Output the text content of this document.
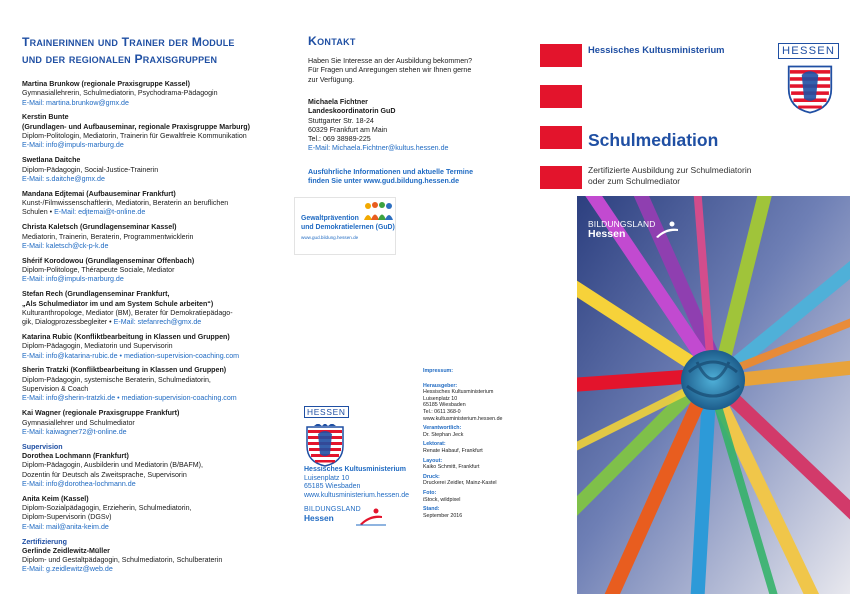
Trainerinnen und Trainer der Module
und der regionalen Praxisgruppen
Martina Brunkow (regionale Praxisgruppe Kassel)
Gymnasiallehrerin, Schulmediatorin, Psychodrama-Pädagogin
E-Mail: martina.brunkow@gmx.de
Kerstin Bunte
(Grundlagen- und Aufbauseminar, regionale Praxisgruppe Marburg)
Diplom-Politologin, Mediatorin, Trainerin für Gewaltfreie Kommunikation
E-Mail: info@impuls-marburg.de
Swetlana Daitche
Diplom-Pädagogin, Social-Justice-Trainerin
E-Mail: s.daitche@gmx.de
Mandana Edjtemai (Aufbauseminar Frankfurt)
Kunst-/Filmwissenschaftlerin, Mediatorin, Beraterin an beruflichen
Schulen • E-Mail: edjtemai@t-online.de
Christa Kaletsch (Grundlagenseminar Kassel)
Mediatorin, Trainerin, Beraterin, Programmentwicklerin
E-Mail: kaletsch@ck-p-k.de
Shérif Korodowou (Grundlagenseminar Offenbach)
Diplom-Politologe, Thérapeute Sociale, Mediator
E-Mail: info@impuls-marburg.de
Stefan Rech (Grundlagenseminar Frankfurt,
„Als Schulmediator im und am System Schule arbeiten“)
Kulturanthropologe, Mediator (BM), Berater für Demokratiepädago-
gik, Dialogprozessbegleiter • E-Mail: stefanrech@gmx.de
Katarina Rubic (Konfliktbearbeitung in Klassen und Gruppen)
Diplom-Pädagogin, Mediatorin und Supervisorin
E-Mail: info@katarina-rubic.de • mediation-supervision-coaching.com
Sherin Tratzki (Konfliktbearbeitung in Klassen und Gruppen)
Diplom-Pädagogin, systemische Beraterin, Schulmediatorin,
Supervision & Coach
E-Mail: info@sherin-tratzki.de • mediation-supervision-coaching.com
Kai Wagner (regionale Praxisgruppe Frankfurt)
Gymnasiallehrer und Schulmediator
E-Mail: kaiwagner72@t-online.de
Supervision
Dorothea Lochmann (Frankfurt)
Diplom-Pädagogin, Ausbilderin und Mediatorin (B/BAFM),
Dozentin für Deutsch als Zweitsprache, Supervisorin
E-Mail: info@dorothea-lochmann.de
Anita Keim (Kassel)
Diplom-Sozialpädagogin, Erzieherin, Schulmediatorin,
Diplom-Supervisorin (DGSv)
E-Mail: mail@anita-keim.de
Zertifizierung
Gerlinde Zeidlewitz-Müller
Diplom- und Gestaltpädagogin, Schulmediatorin, Schulberaterin
E-Mail: g.zeidlewitz@web.de
Kontakt
Haben Sie Interesse an der Ausbildung bekommen?
Für Fragen und Anregungen stehen wir Ihnen gerne
zur Verfügung.
Michaela Fichtner
Landeskoordinatorin GuD
Stuttgarter Str. 18-24
60329 Frankfurt am Main
Tel.: 069 38989-225
E-Mail: Michaela.Fichtner@kultus.hessen.de
Ausführliche Informationen und aktuelle Termine
finden Sie unter www.gud.bildung.hessen.de
Gewaltprävention
und Demokratielernen (GuD)
www.gud.bildung.hessen.de
HESSEN
Hessisches Kultusministerium
Luisenplatz 10
65185 Wiesbaden
www.kultusministerium.hessen.de
BILDUNGSLAND
Hessen
Impressum:
Herausgeber:
Hessisches Kultusministerium
Luisenplatz 10
65185 Wiesbaden
Tel.: 0611 368-0
www.kultusministerium.hessen.de
Verantwortlich:
Dr. Stephan Jeck
Lektorat:
Renate Habauf, Frankfurt
Layout:
Kaiko Schmitt, Frankfurt
Druck:
Druckerei Zeidler, Mainz-Kastel
Foto:
iStock, wildpixel
Stand:
September 2016
Hessisches Kultusministerium	HESSEN
Schulmediation
Zertifizierte Ausbildung zur Schulmediatorin
oder zum Schulmediator
BILDUNGSLAND
Hessen
